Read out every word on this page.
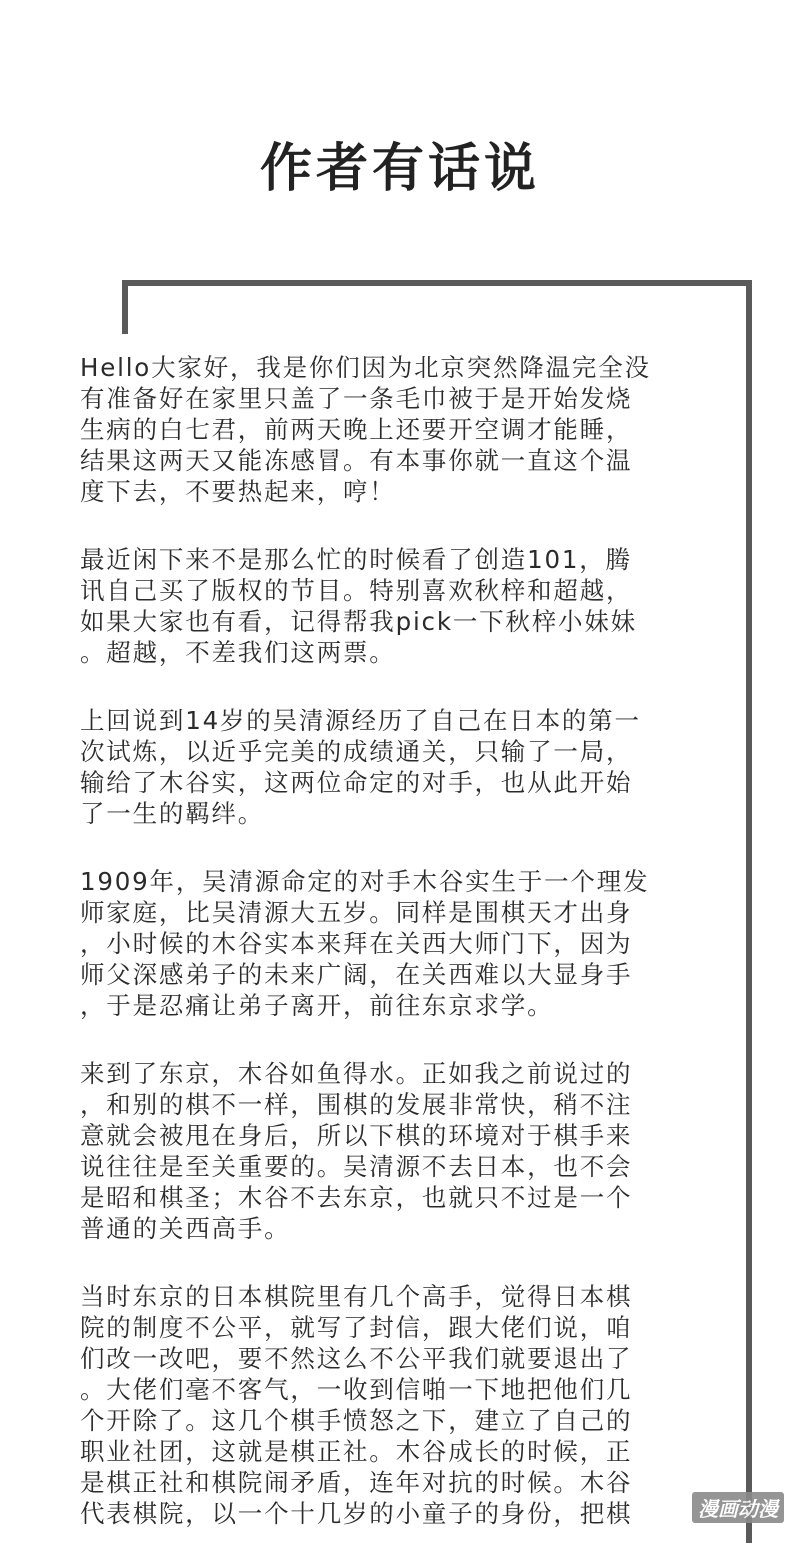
作者有话说
Hello大家好，我是你们因为北京突然降温完全没
有准备好在家里只盖了一条毛巾被于是开始发烧
生病的白七君，前两天晚上还要开空调才能睡，
结果这两天又能冻感冒。有本事你就一直这个温
度下去，不要热起来，哼！
最近闲下来不是那么忙的时候看了创造101，腾
讯自己买了版权的节目。特别喜欢秋梓和超越，
如果大家也有看，记得帮我pick一下秋梓小妹妹
。超越，不差我们这两票。
上回说到14岁的吴清源经历了自己在日本的第一
次试炼，以近乎完美的成绩通关，只输了一局，
输给了木谷实，这两位命定的对手，也从此开始
了一生的羁绊。
1909年，吴清源命定的对手木谷实生于一个理发
师家庭，比吴清源大五岁。同样是围棋天才出身
，小时候的木谷实本来拜在关西大师门下，因为
师父深感弟子的未来广阔，在关西难以大显身手
，于是忍痛让弟子离开，前往东京求学。
来到了东京，木谷如鱼得水。正如我之前说过的
，和别的棋不一样，围棋的发展非常快，稍不注
意就会被甩在身后，所以下棋的环境对于棋手来
说往往是至关重要的。吴清源不去日本，也不会
是昭和棋圣；木谷不去东京，也就只不过是一个
普通的关西高手。
当时东京的日本棋院里有几个高手，觉得日本棋
院的制度不公平，就写了封信，跟大佬们说，咱
们改一改吧，要不然这么不公平我们就要退出了
。大佬们毫不客气，一收到信啪一下地把他们几
个开除了。这几个棋手愤怒之下，建立了自己的
职业社团，这就是棋正社。木谷成长的时候，正
是棋正社和棋院闹矛盾，连年对抗的时候。木谷
代表棋院，以一个十几岁的小童子的身份，把棋	漫画动漫
